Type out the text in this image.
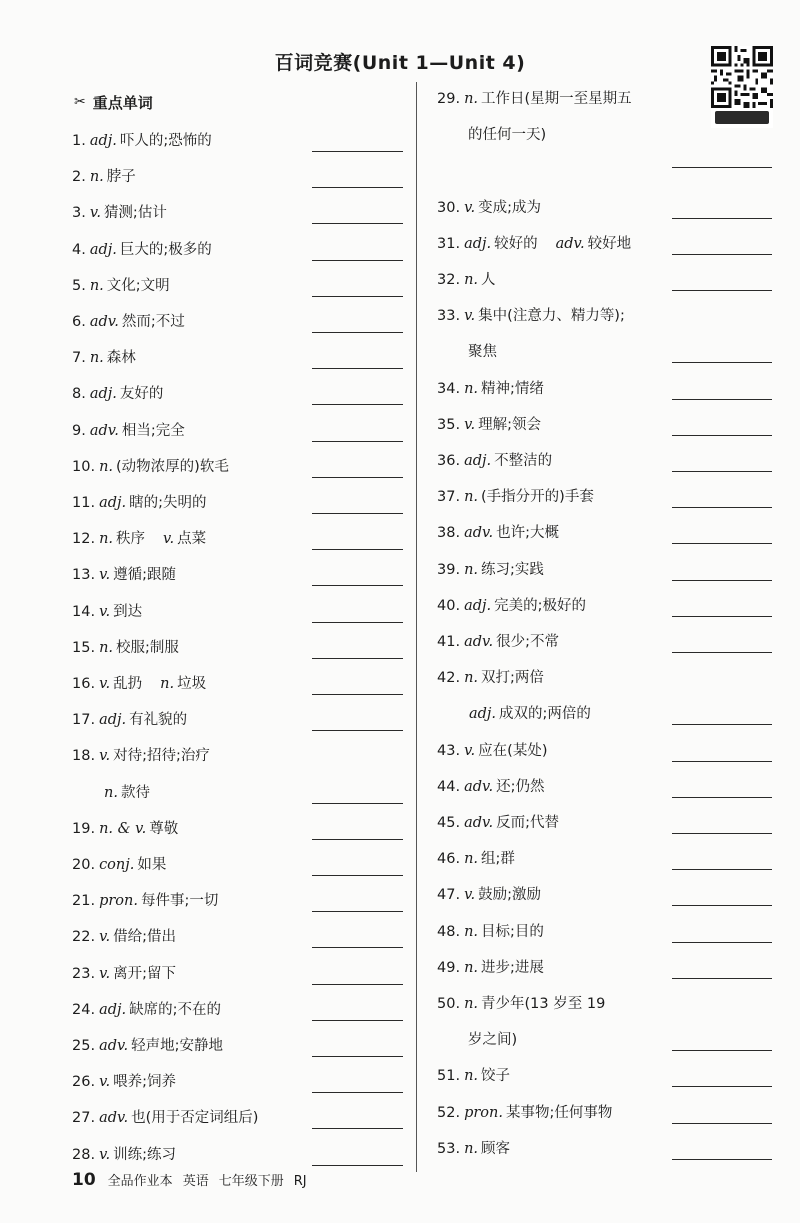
百词竞赛(Unit 1—Unit 4)
✂ 重点单词
1. adj. 吓人的;恐怖的
2. n. 脖子
3. v. 猜测;估计
4. adj. 巨大的;极多的
5. n. 文化;文明
6. adv. 然而;不过
7. n. 森林
8. adj. 友好的
9. adv. 相当;完全
10. n. (动物浓厚的)软毛
11. adj. 瞎的;失明的
12. n. 秩序 v. 点菜
13. v. 遵循;跟随
14. v. 到达
15. n. 校服;制服
16. v. 乱扔 n. 垃圾
17. adj. 有礼貌的
18. v. 对待;招待;治疗
n. 款待
19. n. & v. 尊敬
20. conj. 如果
21. pron. 每件事;一切
22. v. 借给;借出
23. v. 离开;留下
24. adj. 缺席的;不在的
25. adv. 轻声地;安静地
26. v. 喂养;饲养
27. adv. 也(用于否定词组后)
28. v. 训练;练习
29. n. 工作日(星期一至星期五
的任何一天)
30. v. 变成;成为
31. adj. 较好的 adv. 较好地
32. n. 人
33. v. 集中(注意力、精力等);
聚焦
34. n. 精神;情绪
35. v. 理解;领会
36. adj. 不整洁的
37. n. (手指分开的)手套
38. adv. 也许;大概
39. n. 练习;实践
40. adj. 完美的;极好的
41. adv. 很少;不常
42. n. 双打;两倍
adj. 成双的;两倍的
43. v. 应在(某处)
44. adv. 还;仍然
45. adv. 反而;代替
46. n. 组;群
47. v. 鼓励;激励
48. n. 目标;目的
49. n. 进步;进展
50. n. 青少年(13 岁至 19
岁之间)
51. n. 饺子
52. pron. 某事物;任何事物
53. n. 顾客
10 全品作业本 英语 七年级下册 RJ
